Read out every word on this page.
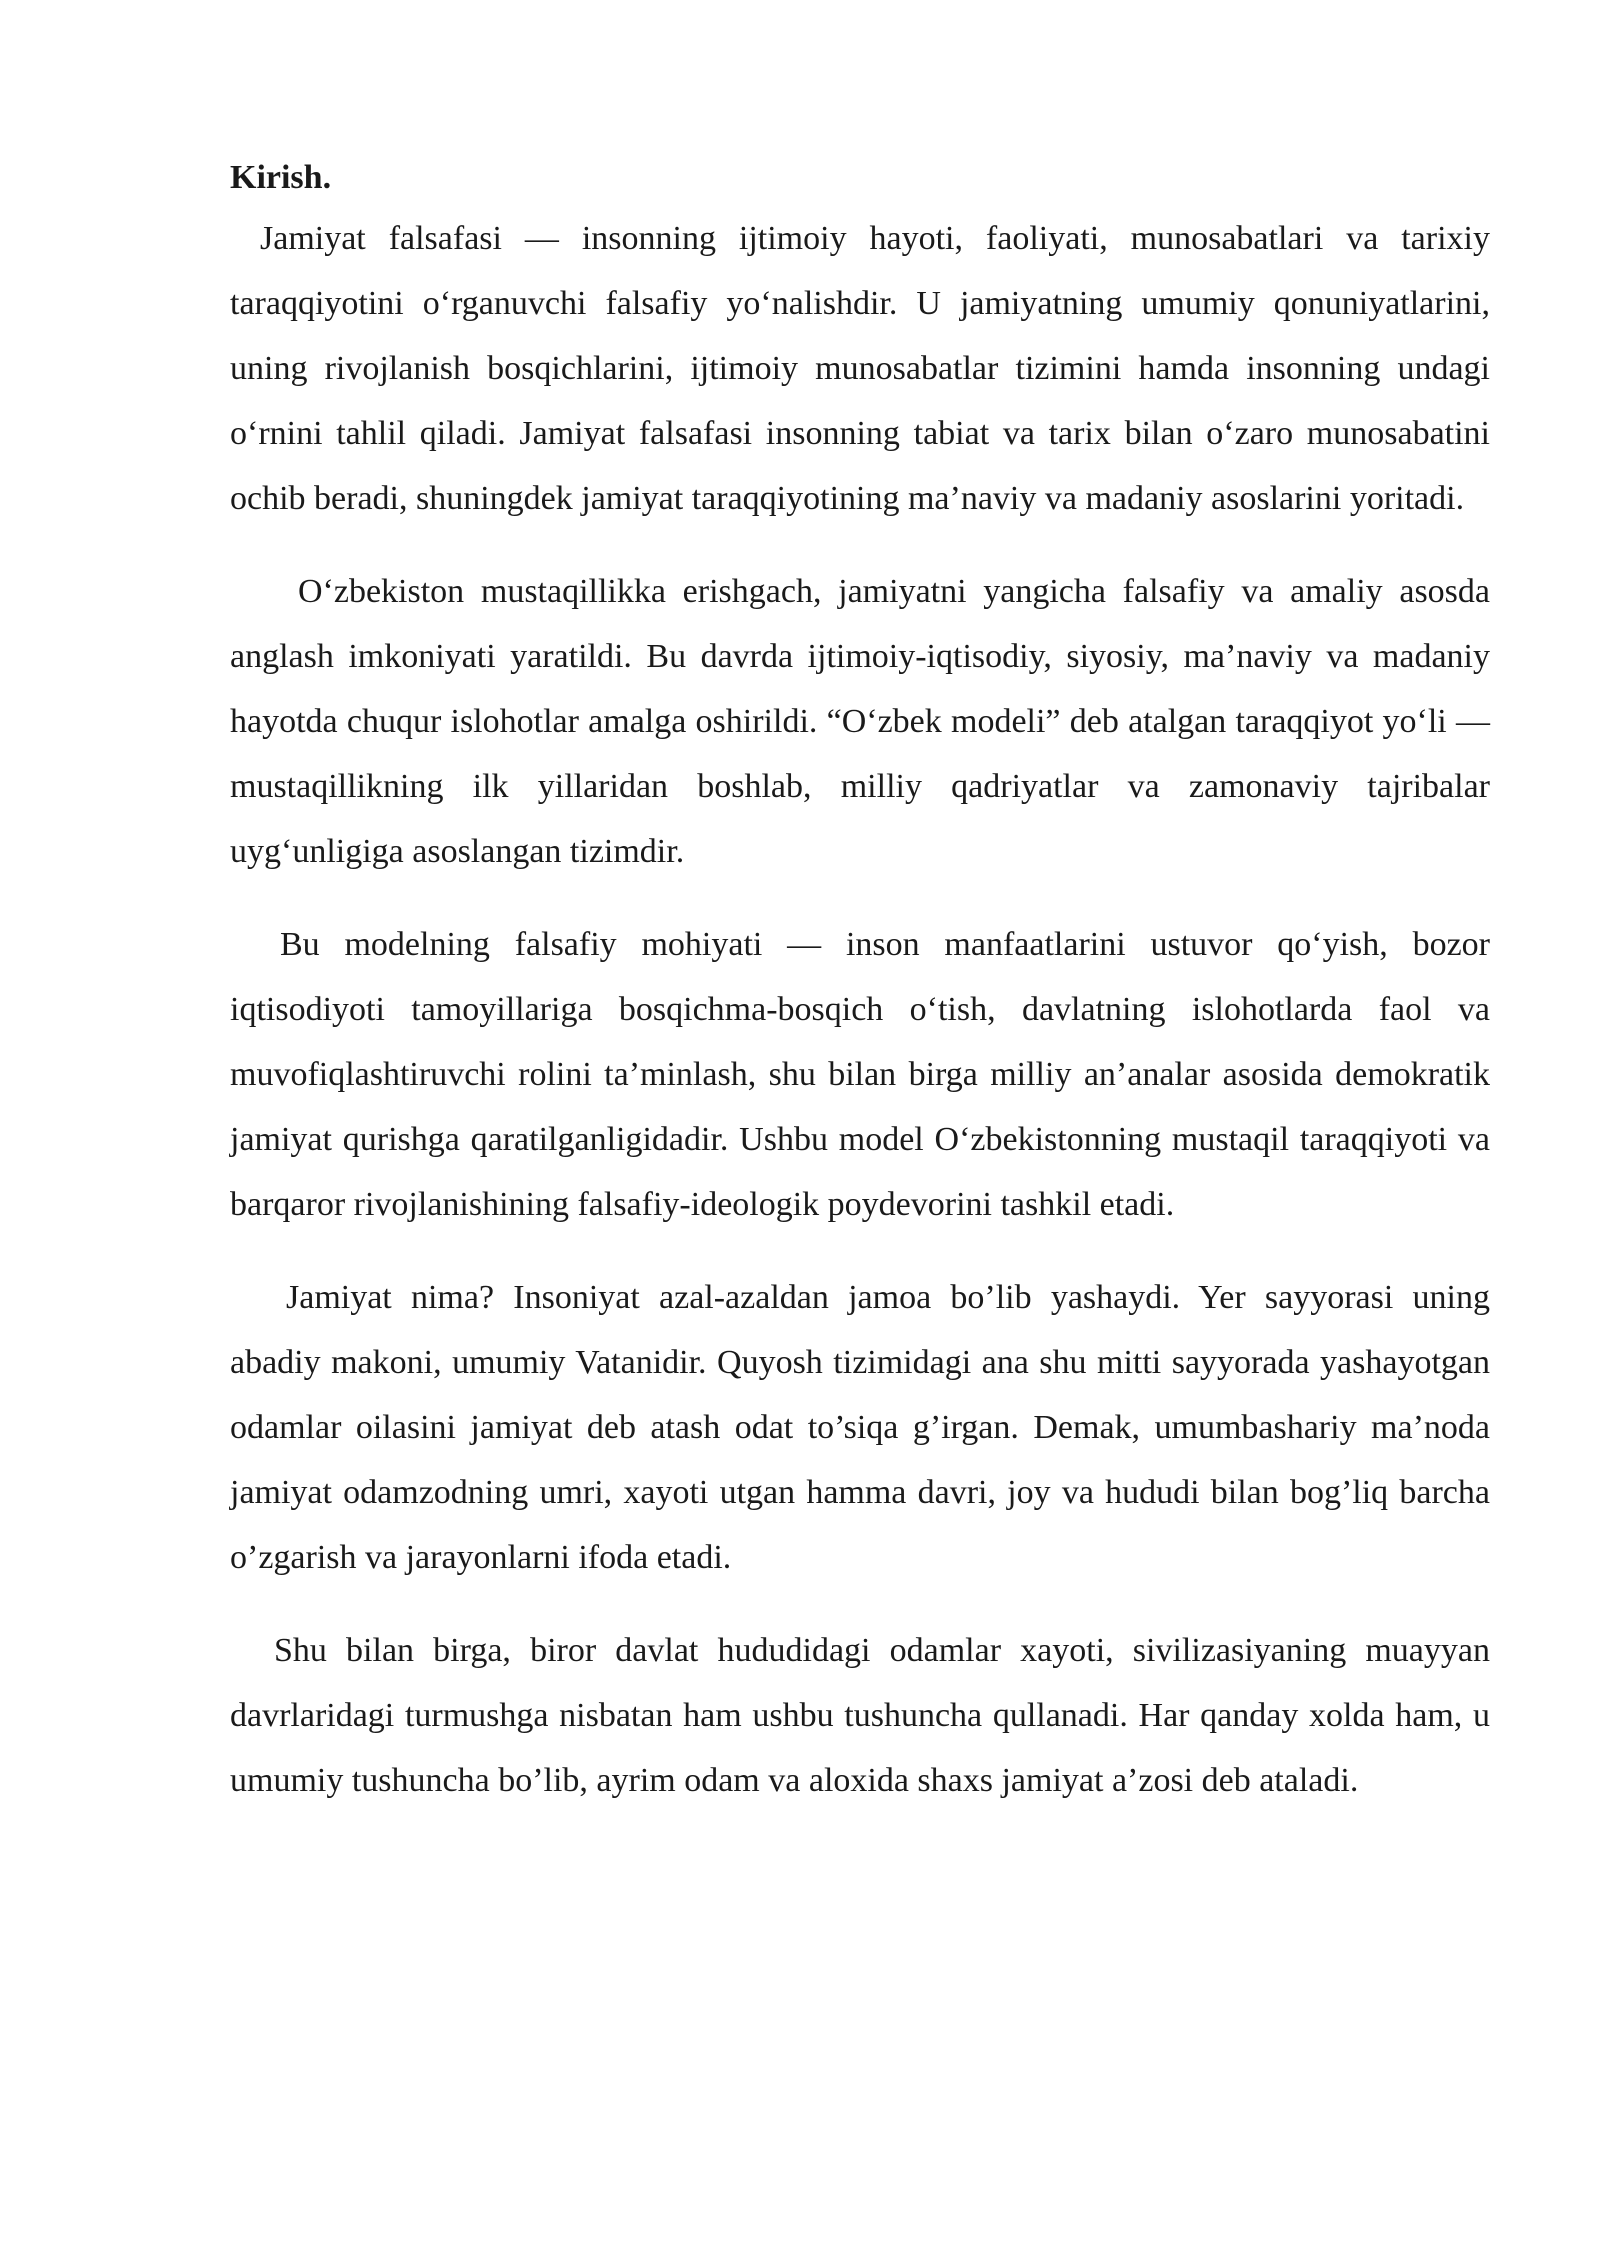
Kirish.

Jamiyat falsafasi — insonning ijtimoiy hayoti, faoliyati, munosabatlari va tarixiy taraqqiyotini o‘rganuvchi falsafiy yo‘nalishdir. U jamiyatning umumiy qonuniyatlarini, uning rivojlanish bosqichlarini, ijtimoiy munosabatlar tizimini hamda insonning undagi o‘rnini tahlil qiladi. Jamiyat falsafasi insonning tabiat va tarix bilan o‘zaro munosabatini ochib beradi, shuningdek jamiyat taraqqiyotining ma’naviy va madaniy asoslarini yoritadi.

O‘zbekiston mustaqillikka erishgach, jamiyatni yangicha falsafiy va amaliy asosda anglash imkoniyati yaratildi. Bu davrda ijtimoiy-iqtisodiy, siyosiy, ma’naviy va madaniy hayotda chuqur islohotlar amalga oshirildi. “O‘zbek modeli” deb atalgan taraqqiyot yo‘li — mustaqillikning ilk yillaridan boshlab, milliy qadriyatlar va zamonaviy tajribalar uyg‘unligiga asoslangan tizimdir.

Bu modelning falsafiy mohiyati — inson manfaatlarini ustuvor qo‘yish, bozor iqtisodiyoti tamoyillariga bosqichma-bosqich o‘tish, davlatning islohotlarda faol va muvofiqlashtiruvchi rolini ta’minlash, shu bilan birga milliy an’analar asosida demokratik jamiyat qurishga qaratilganligidadir. Ushbu model O‘zbekistonning mustaqil taraqqiyoti va barqaror rivojlanishining falsafiy-ideologik poydevorini tashkil etadi.

Jamiyat nima? Insoniyat azal-azaldan jamoa bo’lib yashaydi. Yer sayyorasi uning abadiy makoni, umumiy Vatanidir. Quyosh tizimidagi ana shu mitti sayyorada yashayotgan odamlar oilasini jamiyat deb atash odat to’siqa g’irgan. Demak, umumbashariy ma’noda jamiyat odamzodning umri, xayoti utgan hamma davri, joy va hududi bilan bog’liq barcha o’zgarish va jarayonlarni ifoda etadi.

Shu bilan birga, biror davlat hududidagi odamlar xayoti, sivilizasiyaning muayyan davrlaridagi turmushga nisbatan ham ushbu tushuncha qullanadi. Har qanday xolda ham, u umumiy tushuncha bo’lib, ayrim odam va aloxida shaxs jamiyat a’zosi deb ataladi.
